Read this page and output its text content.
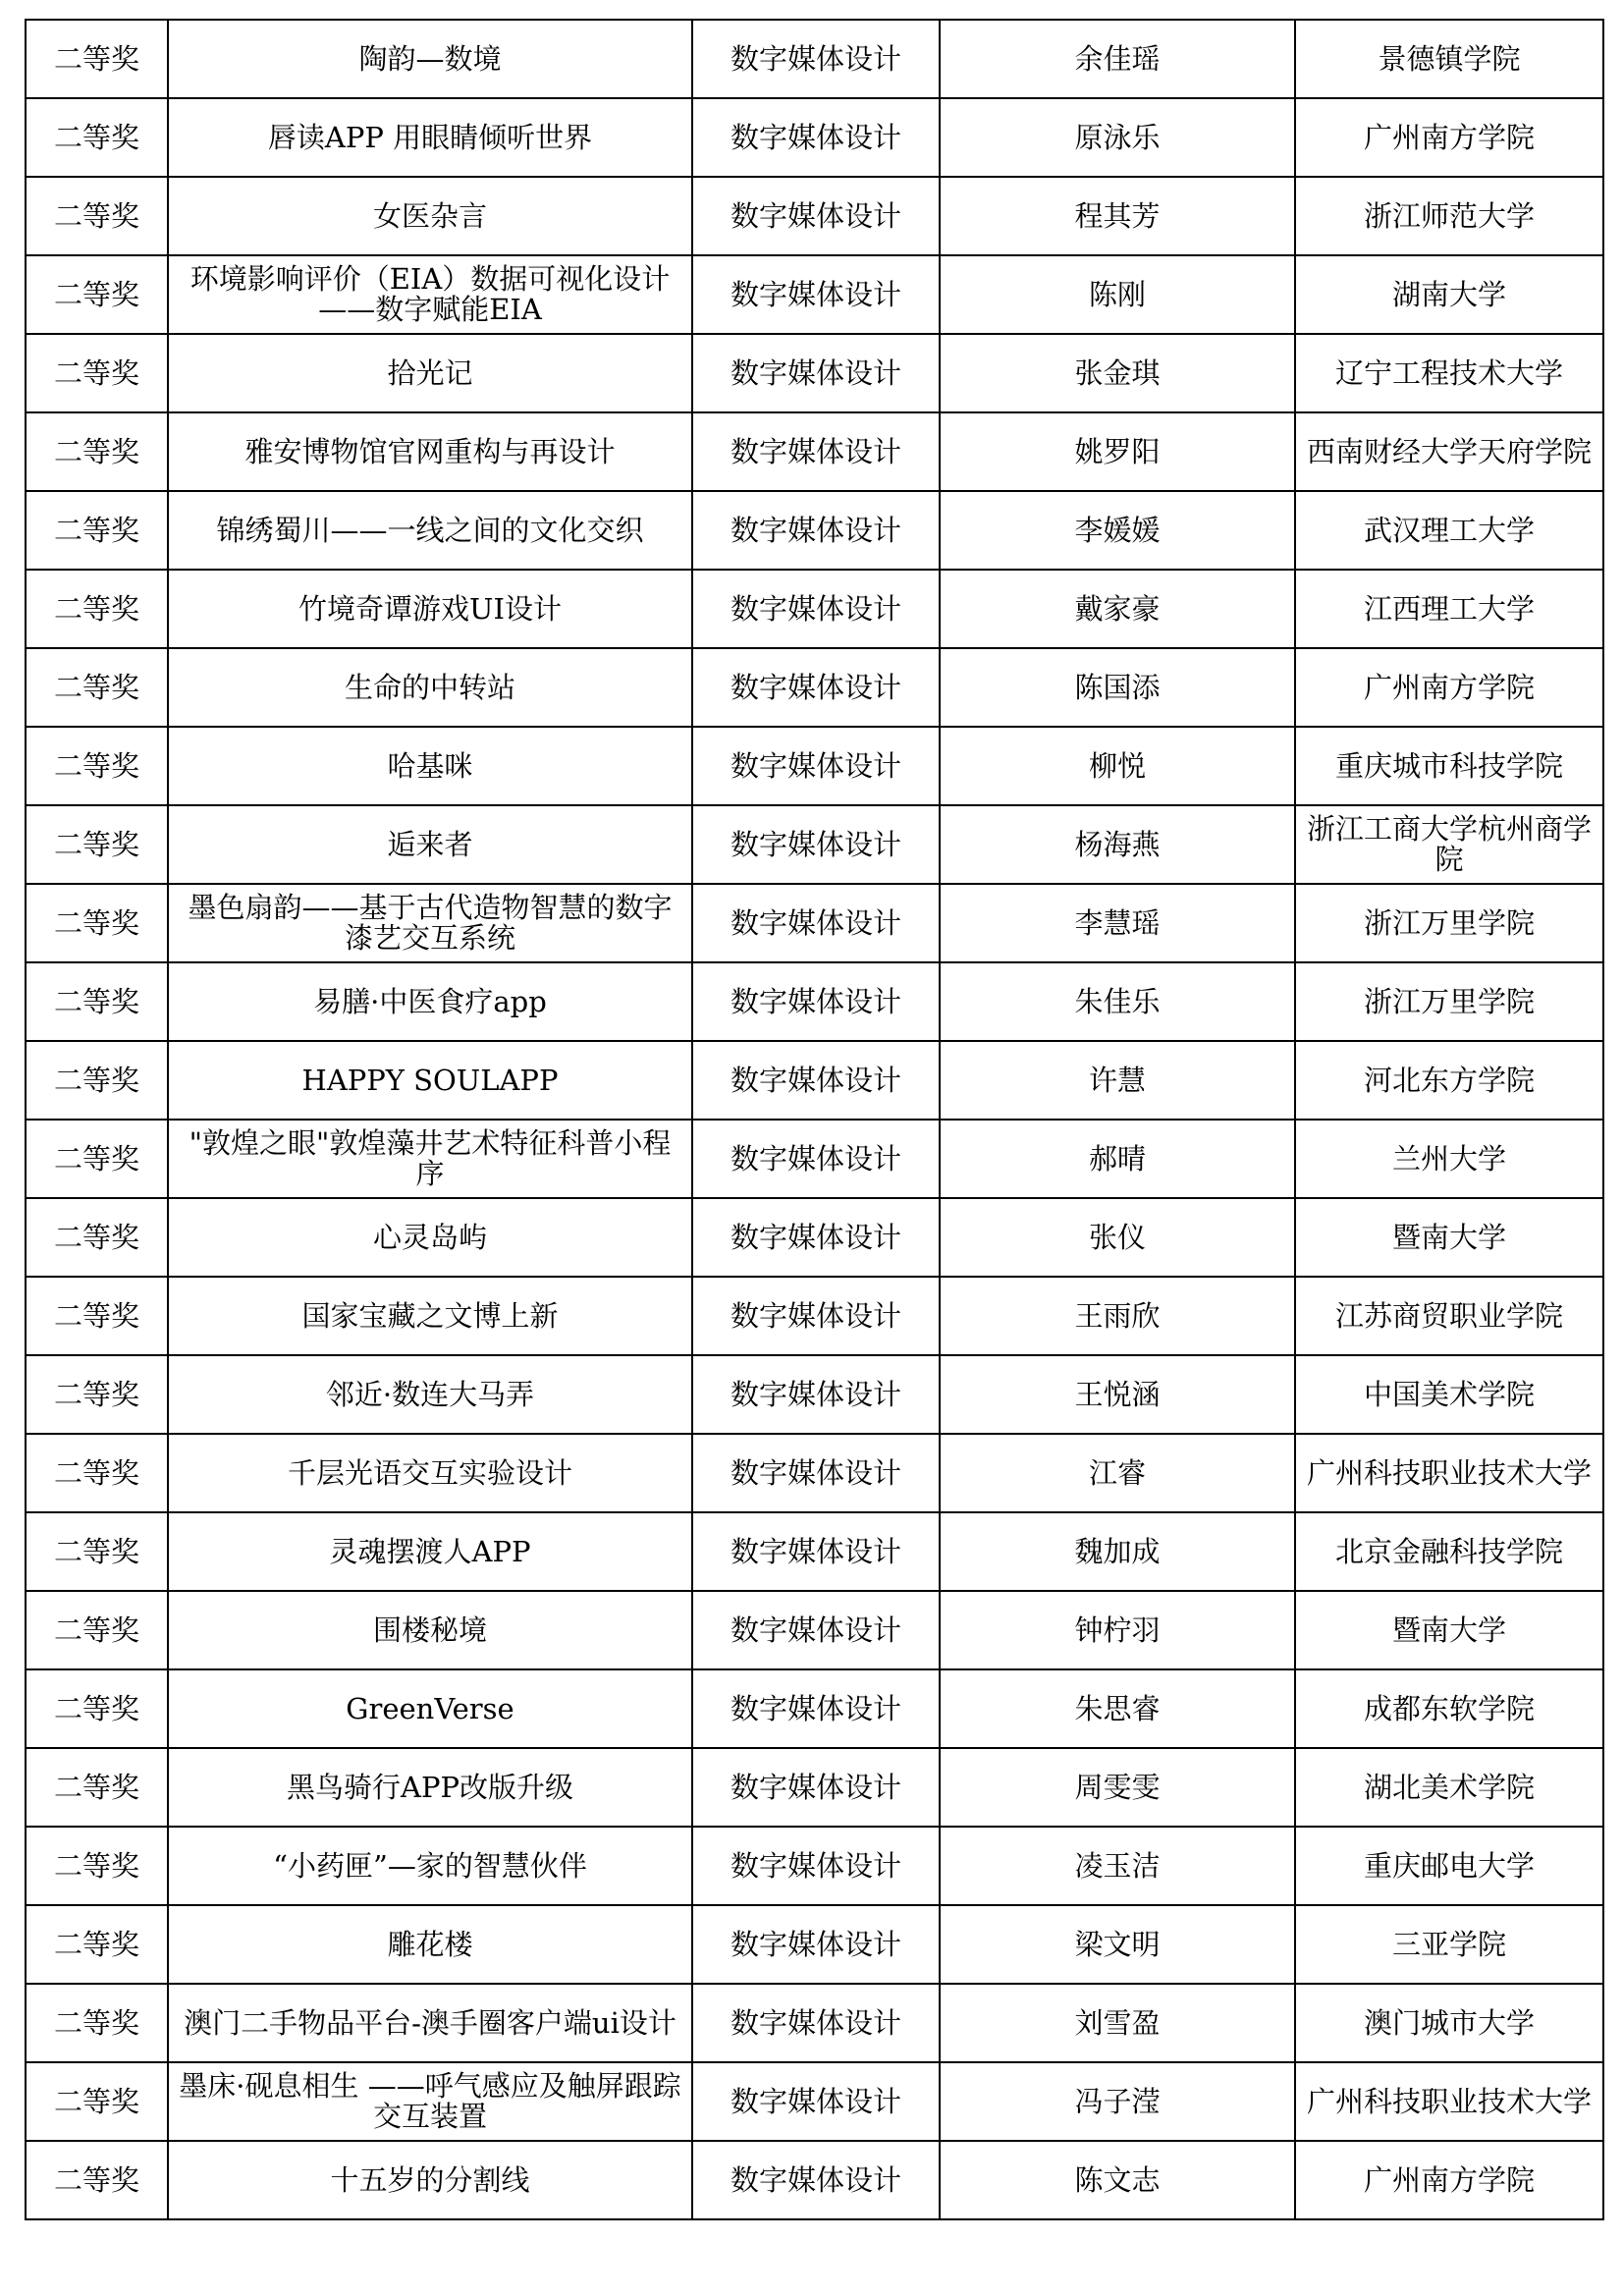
二等奖	陶韵—数境	数字媒体设计	余佳瑶	景德镇学院
二等奖	唇读APP 用眼睛倾听世界	数字媒体设计	原泳乐	广州南方学院
二等奖	女医杂言	数字媒体设计	程其芳	浙江师范大学
二等奖	环境影响评价（EIA）数据可视化设计——数字赋能EIA	数字媒体设计	陈刚	湖南大学
二等奖	拾光记	数字媒体设计	张金琪	辽宁工程技术大学
二等奖	雅安博物馆官网重构与再设计	数字媒体设计	姚罗阳	西南财经大学天府学院
二等奖	锦绣蜀川——一线之间的文化交织	数字媒体设计	李媛媛	武汉理工大学
二等奖	竹境奇谭游戏UI设计	数字媒体设计	戴家豪	江西理工大学
二等奖	生命的中转站	数字媒体设计	陈国添	广州南方学院
二等奖	哈基咪	数字媒体设计	柳悦	重庆城市科技学院
二等奖	逅来者	数字媒体设计	杨海燕	浙江工商大学杭州商学院
二等奖	墨色扇韵——基于古代造物智慧的数字漆艺交互系统	数字媒体设计	李慧瑶	浙江万里学院
二等奖	易膳·中医食疗app	数字媒体设计	朱佳乐	浙江万里学院
二等奖	HAPPY SOULAPP	数字媒体设计	许慧	河北东方学院
二等奖	"敦煌之眼"敦煌藻井艺术特征科普小程序	数字媒体设计	郝晴	兰州大学
二等奖	心灵岛屿	数字媒体设计	张仪	暨南大学
二等奖	国家宝藏之文博上新	数字媒体设计	王雨欣	江苏商贸职业学院
二等奖	邻近·数连大马弄	数字媒体设计	王悦涵	中国美术学院
二等奖	千层光语交互实验设计	数字媒体设计	江睿	广州科技职业技术大学
二等奖	灵魂摆渡人APP	数字媒体设计	魏加成	北京金融科技学院
二等奖	围楼秘境	数字媒体设计	钟柠羽	暨南大学
二等奖	GreenVerse	数字媒体设计	朱思睿	成都东软学院
二等奖	黑鸟骑行APP改版升级	数字媒体设计	周雯雯	湖北美术学院
二等奖	“小药匣”—家的智慧伙伴	数字媒体设计	凌玉洁	重庆邮电大学
二等奖	雕花楼	数字媒体设计	梁文明	三亚学院
二等奖	澳门二手物品平台-澳手圈客户端ui设计	数字媒体设计	刘雪盈	澳门城市大学
二等奖	墨床·砚息相生 ——呼气感应及触屏跟踪交互装置	数字媒体设计	冯子滢	广州科技职业技术大学
二等奖	十五岁的分割线	数字媒体设计	陈文志	广州南方学院
